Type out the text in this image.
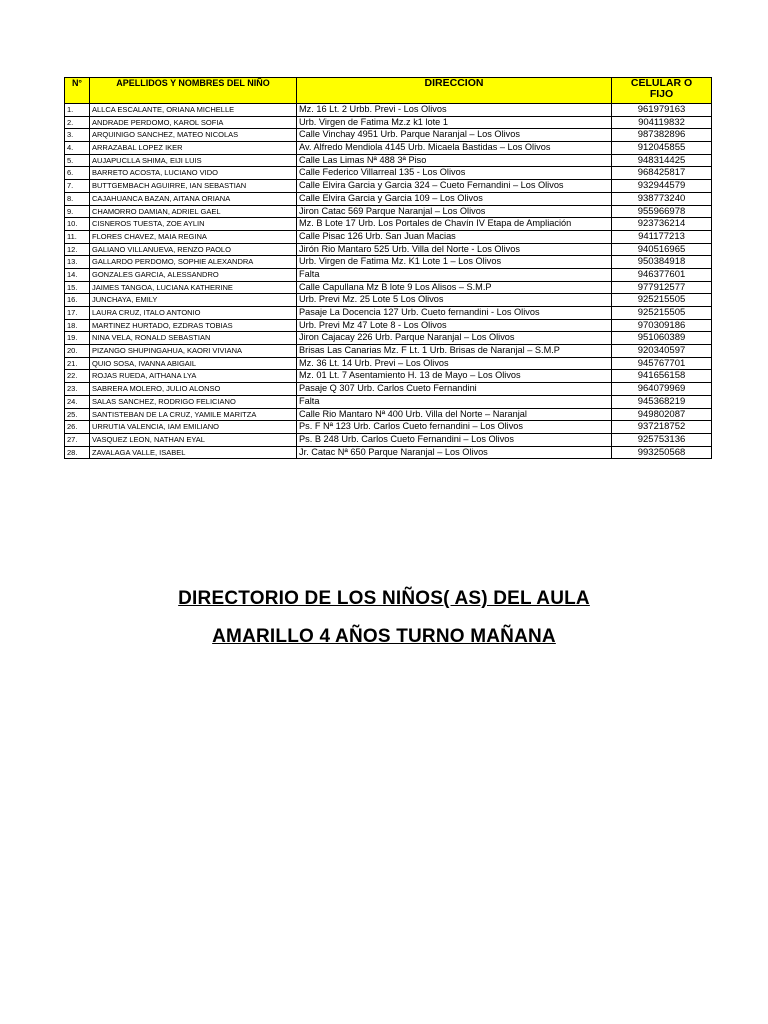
N°	APELLIDOS Y NOMBRES DEL NIÑO	DIRECCION	CELULAR O FIJO
1.	ALLCA ESCALANTE, ORIANA MICHELLE	Mz. 16 Lt. 2 Urbb. Previ - Los Olivos	961979163
2.	ANDRADE PERDOMO, KAROL SOFIA	Urb. Virgen de Fatima Mz.z k1 lote 1	904119832
3.	ARQUINIGO SANCHEZ, MATEO NICOLAS	Calle Vinchay 4951 Urb. Parque Naranjal – Los Olivos	987382896
4.	ARRAZABAL LOPEZ IKER	Av. Alfredo Mendiola 4145 Urb. Micaela Bastidas – Los Olivos	912045855
5.	AUJAPUCLLA SHIMA, EIJI LUIS	Calle Las Limas Nª 488 3ª Piso	948314425
6.	BARRETO ACOSTA, LUCIANO VIDO	Calle Federico Villarreal 135 - Los Olivos	968425817
7.	BUTTGEMBACH AGUIRRE, IAN SEBASTIAN	Calle Elvira Garcia y Garcia 324 – Cueto Fernandini – Los Olivos	932944579
8.	CAJAHUANCA BAZAN, AITANA ORIANA	Calle Elvira Garcia y Garcia 109 – Los Olivos	938773240
9.	CHAMORRO DAMIAN, ADRIEL GAEL	Jiron Catac 569 Parque Naranjal – Los Olivos	955966978
10.	CISNEROS TUESTA, ZOE AYLIN	Mz. B Lote 17 Urb. Los Portales de Chavín IV Etapa de Ampliación	923736214
11.	FLORES CHAVEZ, MAIA REGINA	Calle Pisac 126 Urb. San Juan Macias	941177213
12.	GALIANO VILLANUEVA, RENZO PAOLO	Jirón Rio Mantaro 525 Urb. Villa del Norte - Los Olivos	940516965
13.	GALLARDO PERDOMO, SOPHIE ALEXANDRA	Urb. Virgen de Fatima Mz. K1 Lote 1 – Los Olivos	950384918
14.	GONZALES GARCIA, ALESSANDRO	Falta	946377601
15.	JAIMES TANGOA, LUCIANA KATHERINE	Calle Capullana Mz B lote 9 Los Alisos – S.M.P	977912577
16.	JUNCHAYA, EMILY	Urb. Previ Mz. 25 Lote 5 Los Olivos	925215505
17.	LAURA CRUZ, ITALO ANTONIO	Pasaje La Docencia 127 Urb. Cueto fernandini - Los Olivos	925215505
18.	MARTINEZ HURTADO, EZDRAS TOBIAS	Urb. Previ Mz 47 Lote 8 - Los Olivos	970309186
19.	NINA VELA, RONALD SEBASTIAN	Jiron Cajacay 226 Urb. Parque Naranjal – Los Olivos	951060389
20.	PIZANGO SHUPINGAHUA, KAORI VIVIANA	Brisas Las Canarias Mz. F Lt. 1 Urb. Brisas de Naranjal – S.M.P	920340597
21.	QUIO SOSA, IVANNA ABIGAIL	Mz. 36 Lt. 14 Urb. Previ – Los Olivos	945767701
22.	ROJAS RUEDA, AITHANA LYA	Mz. 01 Lt. 7 Asentamiento H. 13 de Mayo – Los Olivos	941656158
23.	SABRERA MOLERO, JULIO ALONSO	Pasaje Q 307 Urb. Carlos Cueto Fernandini	964079969
24.	SALAS SANCHEZ, RODRIGO FELICIANO	Falta	945368219
25.	SANTISTEBAN DE LA CRUZ, YAMILE MARITZA	Calle Rio Mantaro Nª 400 Urb. Villa del Norte – Naranjal	949802087
26.	URRUTIA VALENCIA, IAM EMILIANO	Ps. F Nª 123 Urb. Carlos Cueto fernandini – Los Olivos	937218752
27.	VASQUEZ LEON, NATHAN EYAL	Ps. B 248 Urb. Carlos Cueto Fernandini – Los Olivos	925753136
28.	ZAVALAGA VALLE, ISABEL	Jr. Catac Nª 650 Parque Naranjal – Los Olivos	993250568
DIRECTORIO DE LOS NIÑOS( AS) DEL AULA
AMARILLO 4 AÑOS TURNO MAÑANA
